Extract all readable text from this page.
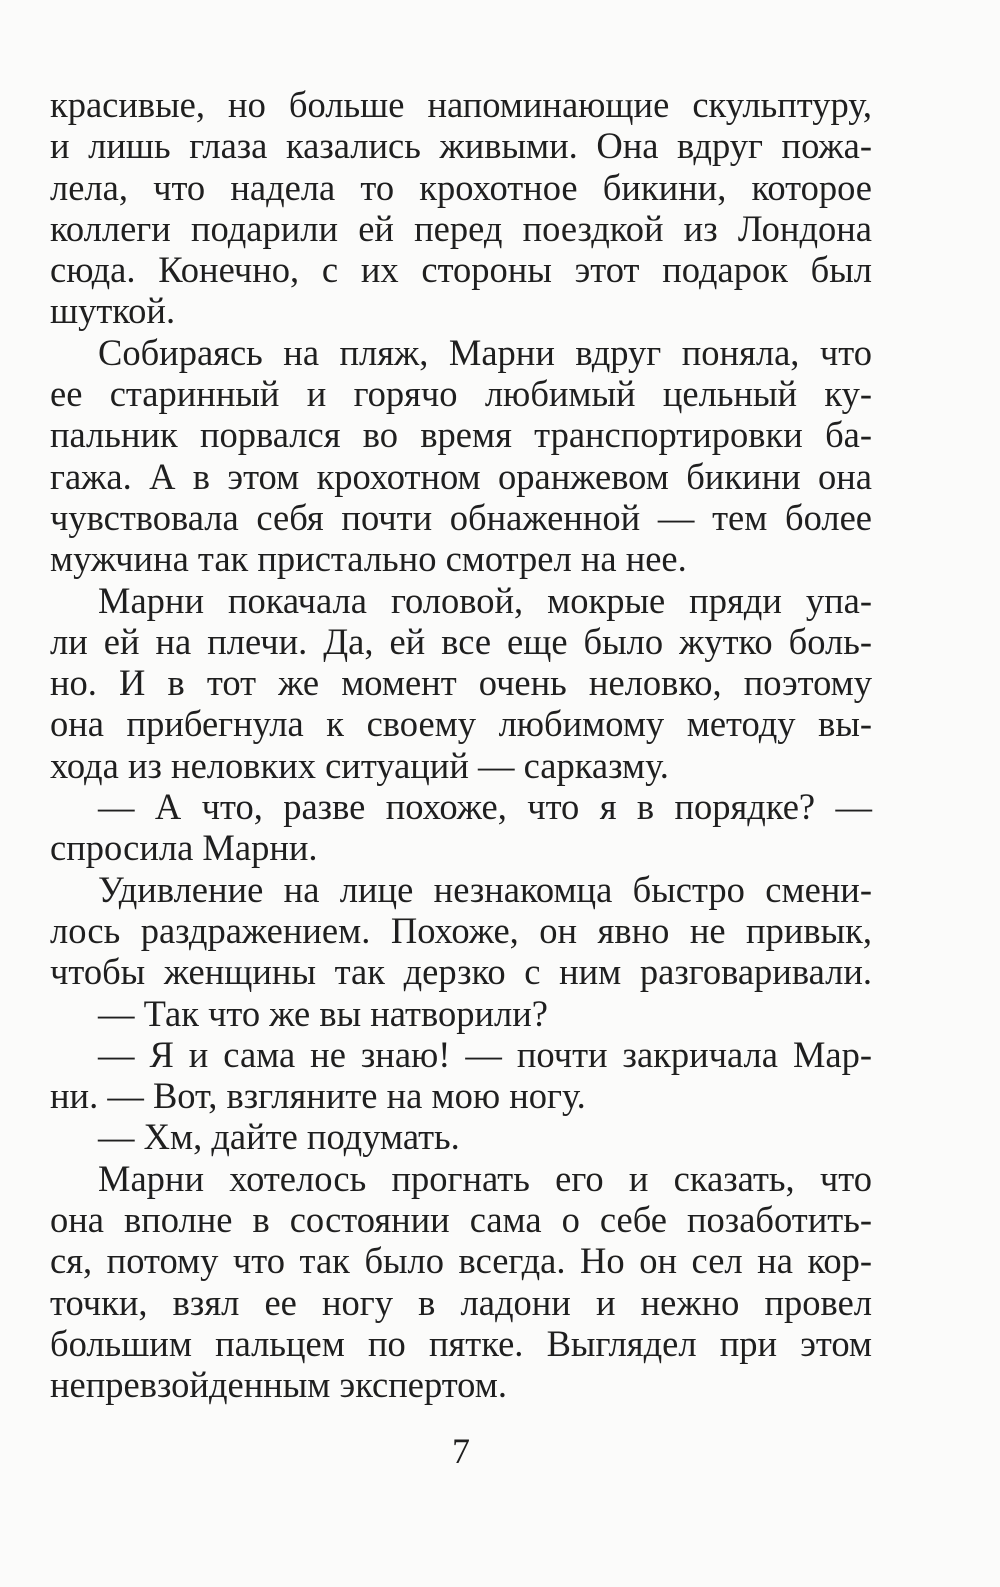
красивые, но больше напоминающие скульптуру,
и лишь глаза казались живыми. Она вдруг пожа-
лела, что надела то крохотное бикини, которое
коллеги подарили ей перед поездкой из Лондона
сюда. Конечно, с их стороны этот подарок был
шуткой.
Собираясь на пляж, Марни вдруг поняла, что
ее старинный и горячо любимый цельный ку-
пальник порвался во время транспортировки ба-
гажа. А в этом крохотном оранжевом бикини она
чувствовала себя почти обнаженной — тем более
мужчина так пристально смотрел на нее.
Марни покачала головой, мокрые пряди упа-
ли ей на плечи. Да, ей все еще было жутко боль-
но. И в тот же момент очень неловко, поэтому
она прибегнула к своему любимому методу вы-
хода из неловких ситуаций — сарказму.
— А что, разве похоже, что я в порядке? —
спросила Марни.
Удивление на лице незнакомца быстро смени-
лось раздражением. Похоже, он явно не привык,
чтобы женщины так дерзко с ним разговаривали.
— Так что же вы натворили?
— Я и сама не знаю! — почти закричала Мар-
ни. — Вот, взгляните на мою ногу.
— Хм, дайте подумать.
Марни хотелось прогнать его и сказать, что
она вполне в состоянии сама о себе позаботить-
ся, потому что так было всегда. Но он сел на кор-
точки, взял ее ногу в ладони и нежно провел
большим пальцем по пятке. Выглядел при этом
непревзойденным экспертом.
7
